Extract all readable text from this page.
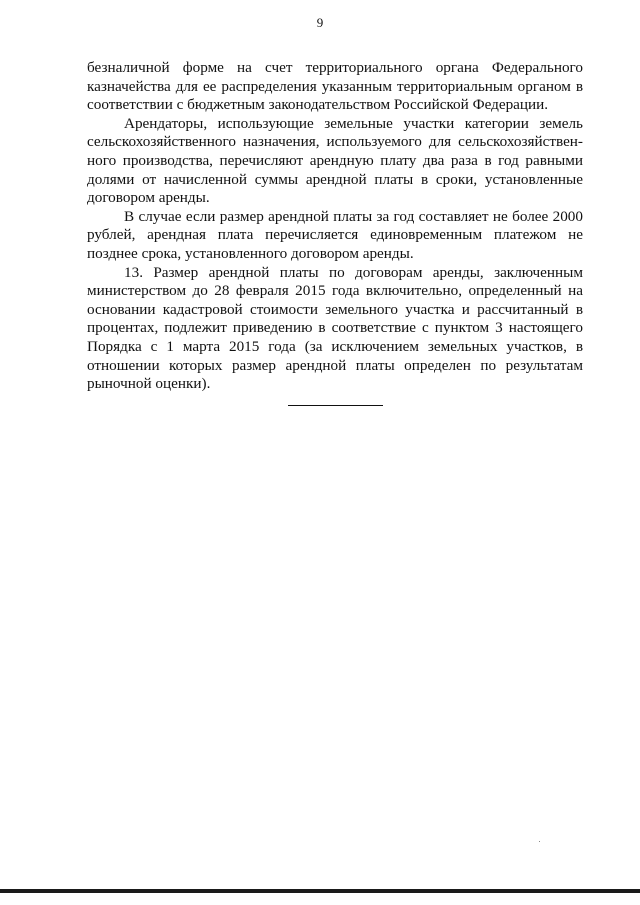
9

безналичной форме на счет территориального органа Федерального казначейства для ее распределения указанным территориальным органом в соответствии с бюджетным законодательством Российской Федерации.

Арендаторы, использующие земельные участки категории земель сельскохозяйственного назначения, используемого для сельскохозяйствен-ного производства, перечисляют арендную плату два раза в год равными долями от начисленной суммы арендной платы в сроки, установленные договором аренды.

В случае если размер арендной платы за год составляет не более 2000 рублей, арендная плата перечисляется единовременным платежом не позднее срока, установленного договором аренды.

13. Размер арендной платы по договорам аренды, заключенным министерством до 28 февраля 2015 года включительно, определенный на основании кадастровой стоимости земельного участка и рассчитанный в процентах, подлежит приведению в соответствие с пунктом 3 настоящего Порядка с 1 марта 2015 года (за исключением земельных участков, в отношении которых размер арендной платы определен по результатам рыночной оценки).
